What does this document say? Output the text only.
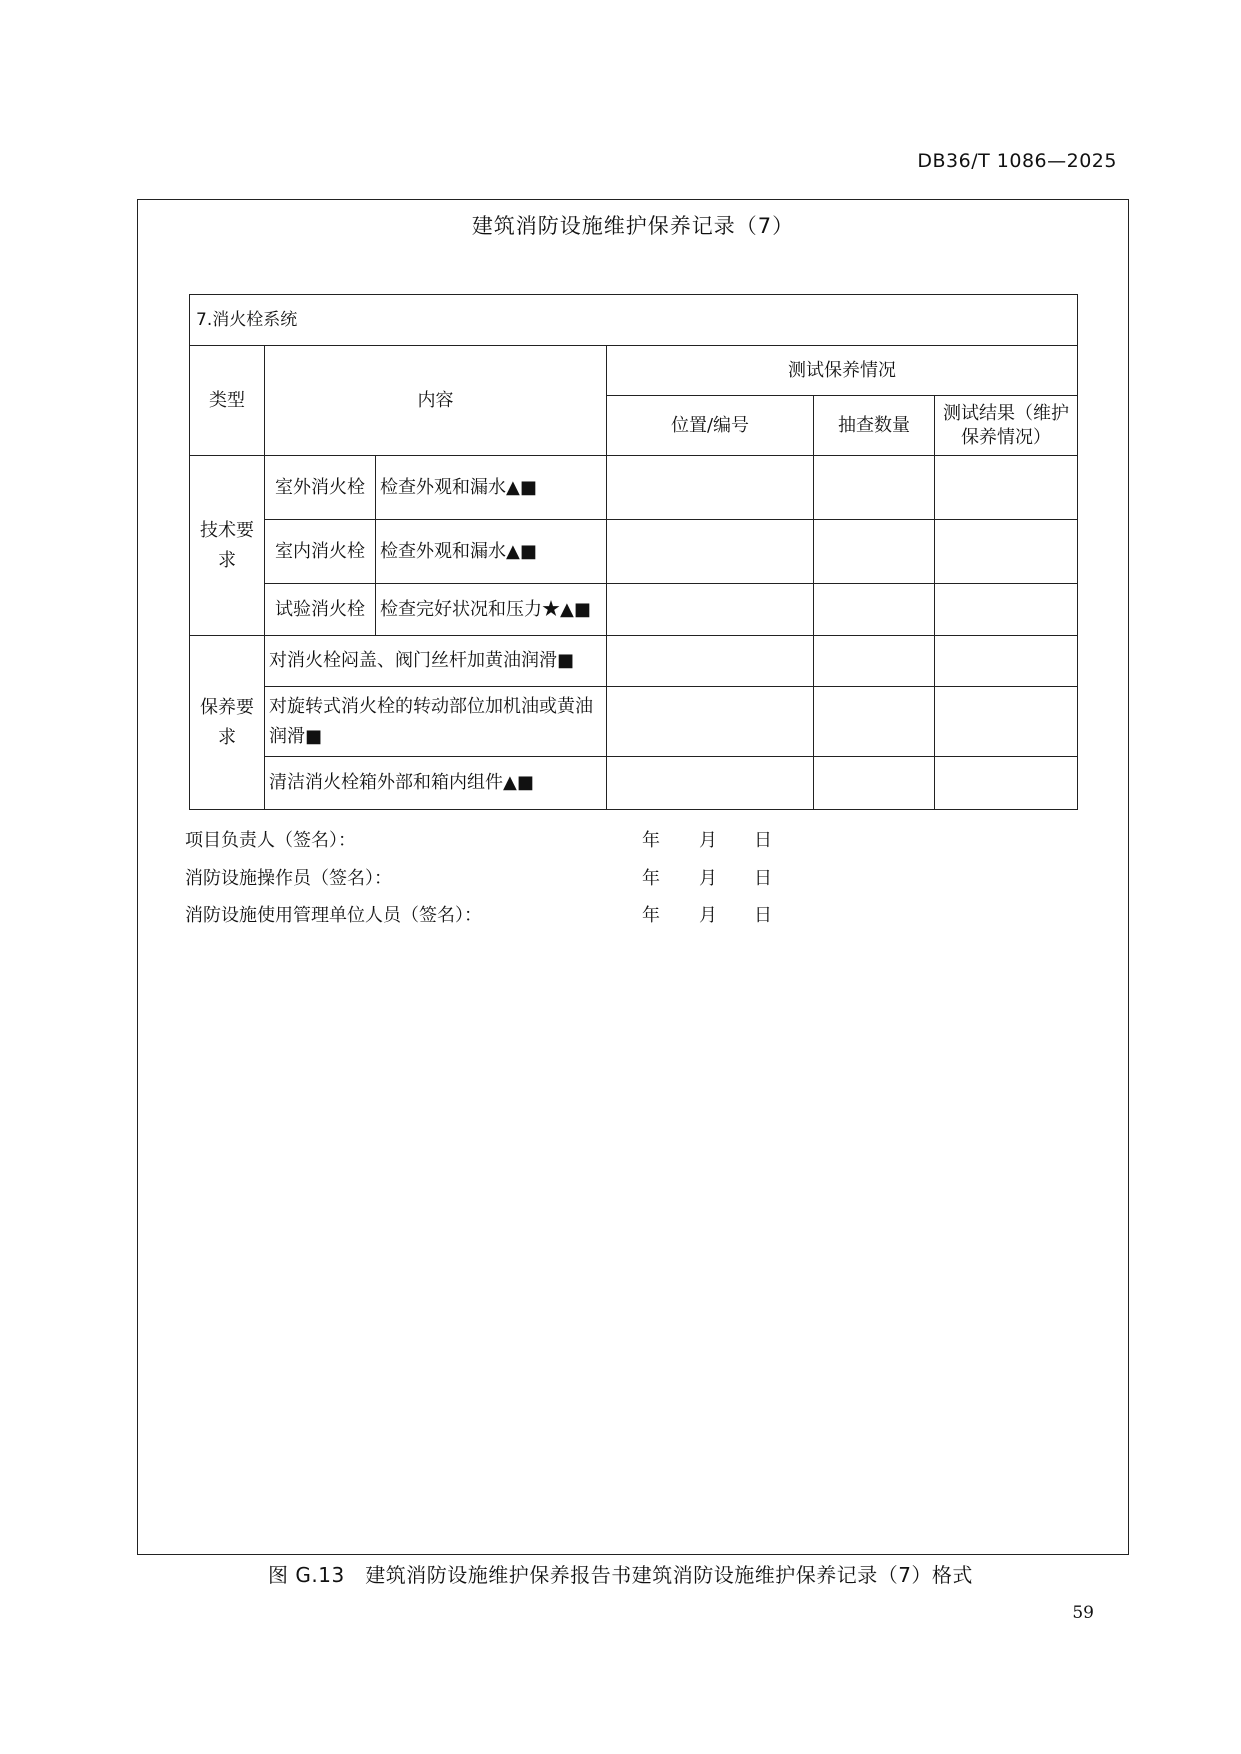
DB36/T 1086—2025
建筑消防设施维护保养记录（7）
7.消火栓系统					
类型	内容		测试保养情况		
			位置/编号	抽查数量	测试结果（维护保养情况）
技术要求	室外消火栓	检查外观和漏水▲■			
	室内消火栓	检查外观和漏水▲■			
	试验消火栓	检查完好状况和压力★▲■			
保养要求	对消火栓闷盖、阀门丝杆加黄油润滑■				
	对旋转式消火栓的转动部位加机油或黄油润滑■				
	清洁消火栓箱外部和箱内组件▲■				
项目负责人（签名）：	年 月 日
消防设施操作员（签名）：	年 月 日
消防设施使用管理单位人员（签名）：	年 月 日
图 G.13　建筑消防设施维护保养报告书建筑消防设施维护保养记录（7）格式
59
